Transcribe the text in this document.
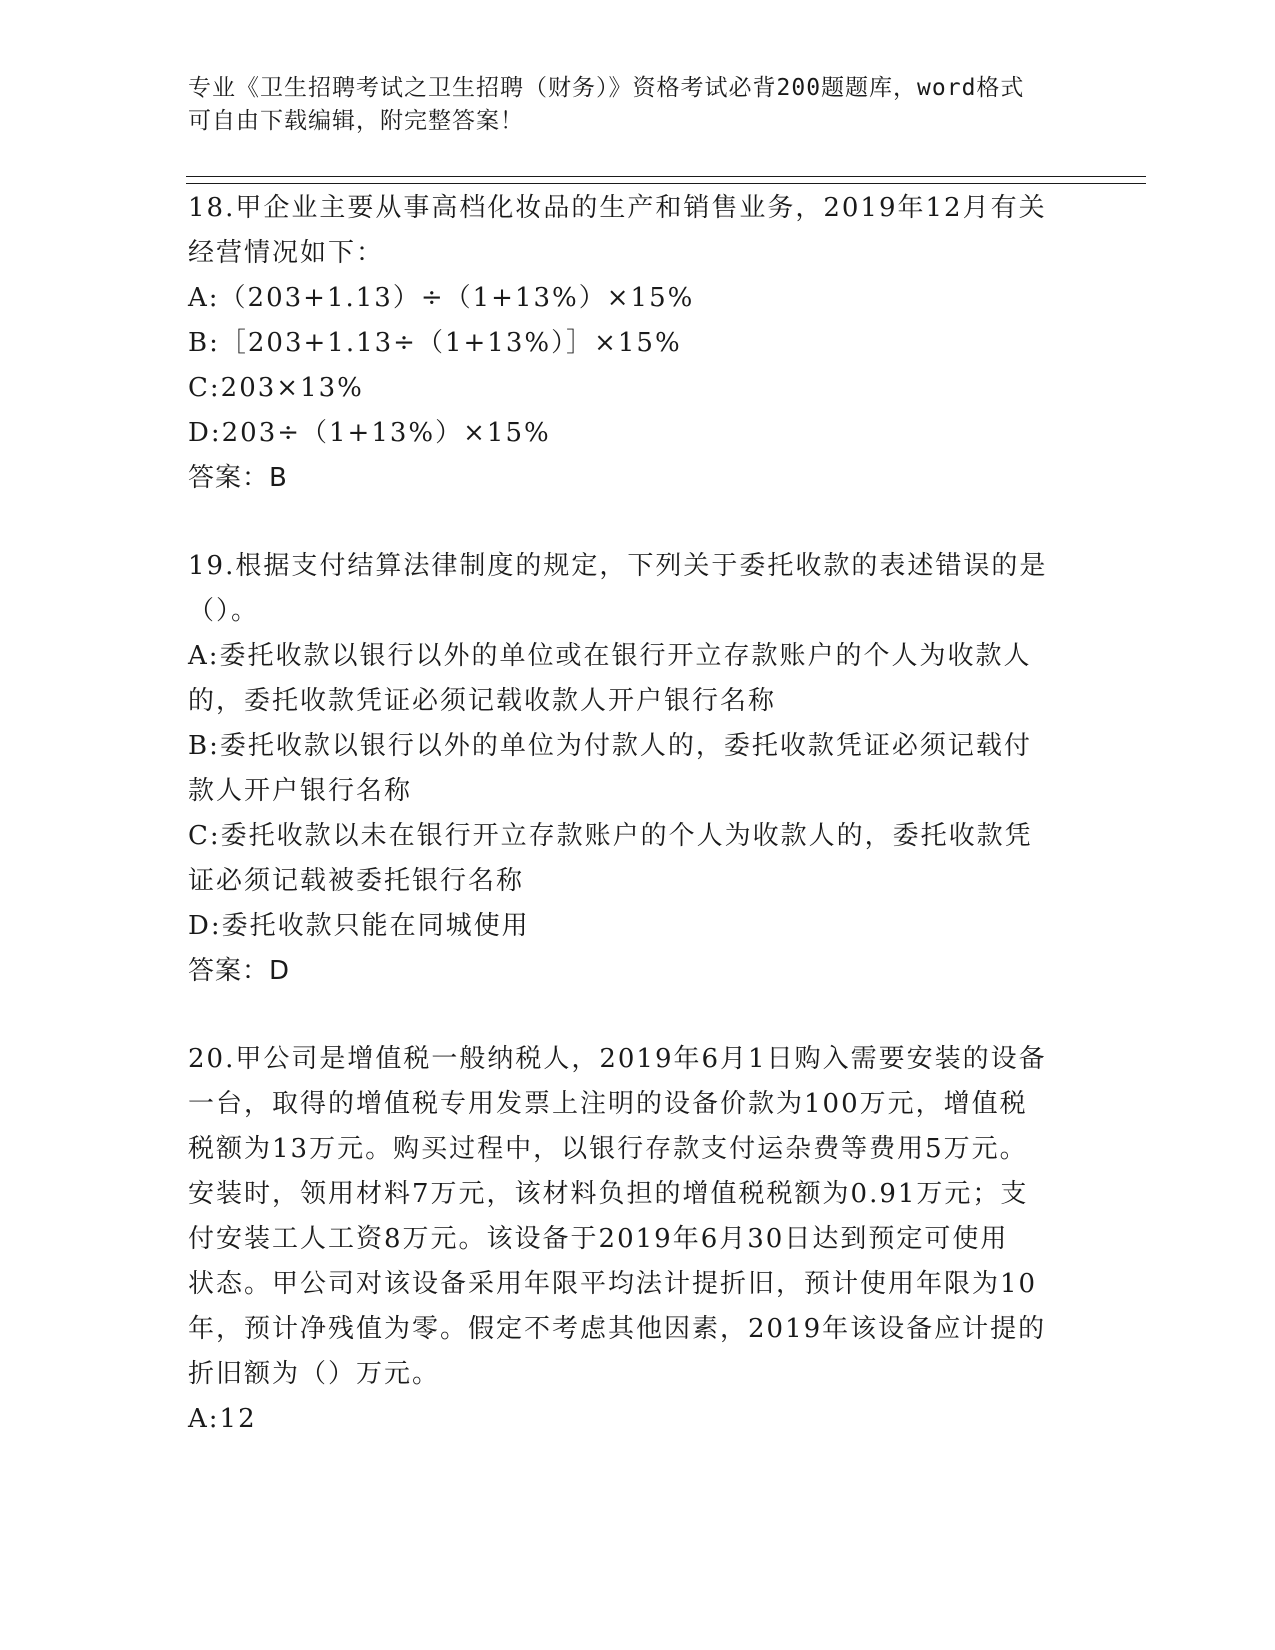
专业《卫生招聘考试之卫生招聘（财务）》资格考试必背200题题库，word格式
可自由下载编辑，附完整答案！
18.甲企业主要从事高档化妆品的生产和销售业务，2019年12月有关
经营情况如下：
A:（203+1.13）÷（1+13%）×15%
B:［203+1.13÷（1+13%）］×15%
C:203×13%
D:203÷（1+13%）×15%
答案：B
19.根据支付结算法律制度的规定，下列关于委托收款的表述错误的是
（）。
A:委托收款以银行以外的单位或在银行开立存款账户的个人为收款人
的，委托收款凭证必须记载收款人开户银行名称
B:委托收款以银行以外的单位为付款人的，委托收款凭证必须记载付
款人开户银行名称
C:委托收款以未在银行开立存款账户的个人为收款人的，委托收款凭
证必须记载被委托银行名称
D:委托收款只能在同城使用
答案：D
20.甲公司是增值税一般纳税人，2019年6月1日购入需要安装的设备
一台，取得的增值税专用发票上注明的设备价款为100万元，增值税
税额为13万元。购买过程中，以银行存款支付运杂费等费用5万元。
安装时，领用材料7万元，该材料负担的增值税税额为0.91万元；支
付安装工人工资8万元。该设备于2019年6月30日达到预定可使用
状态。甲公司对该设备采用年限平均法计提折旧，预计使用年限为10
年，预计净残值为零。假定不考虑其他因素，2019年该设备应计提的
折旧额为（）万元。
A:12
